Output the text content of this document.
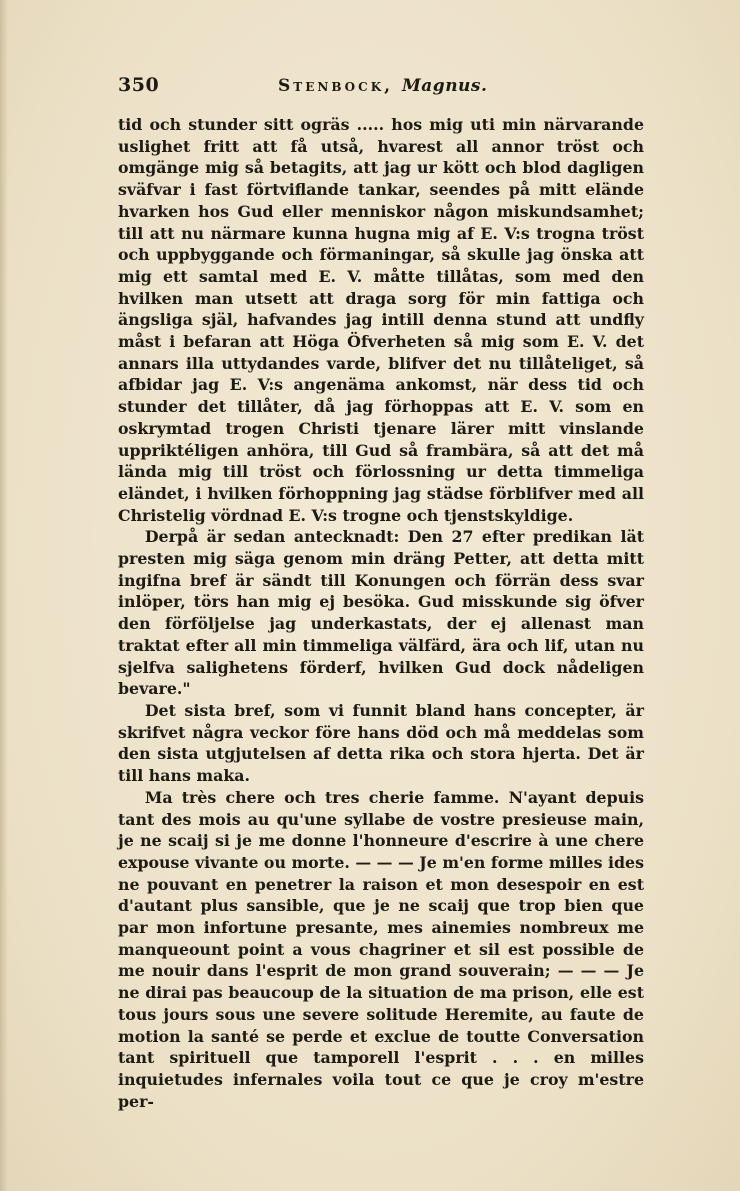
350	Stenbock, Magnus.

tid och stunder sitt ogräs ..... hos mig uti min närvarande uslighet fritt att få utså, hvarest all annor tröst och omgänge mig så betagits, att jag ur kött och blod dagligen sväfvar i fast förtviflande tankar, seendes på mitt elände hvarken hos Gud eller menniskor någon miskundsamhet; till att nu närmare kunna hugna mig af E. V:s trogna tröst och uppbyggande och förmaningar, så skulle jag önska att mig ett samtal med E. V. måtte tillåtas, som med den hvilken man utsett att draga sorg för min fattiga och ängsliga själ, hafvandes jag intill denna stund att undfly måst i befaran att Höga Öfverheten så mig som E. V. det annars illa uttydandes varde, blifver det nu tillåteliget, så afbidar jag E. V:s angenäma ankomst, när dess tid och stunder det tillåter, då jag förhoppas att E. V. som en oskrymtad trogen Christi tjenare lärer mitt vinslande uppriktéligen anhöra, till Gud så frambära, så att det må lända mig till tröst och förlossning ur detta timmeliga eländet, i hvilken förhoppning jag städse förblifver med all Christelig vördnad E. V:s trogne och tjenstskyldige.

Derpå är sedan antecknadt: Den 27 efter predikan lät presten mig säga genom min dräng Petter, att detta mitt ingifna bref är sändt till Konungen och förrän dess svar inlöper, törs han mig ej besöka. Gud misskunde sig öfver den förföljelse jag underkastats, der ej allenast man traktat efter all min timmeliga välfärd, ära och lif, utan nu sjelfva salighetens förderf, hvilken Gud dock nådeligen bevare."

Det sista bref, som vi funnit bland hans concepter, är skrifvet några veckor före hans död och må meddelas som den sista utgjutelsen af detta rika och stora hjerta. Det är till hans maka.

Ma très chere och tres cherie famme. N'ayant depuis tant des mois au qu'une syllabe de vostre presieuse main, je ne scaij si je me donne l'honneure d'escrire à une chere expouse vivante ou morte. — — — Je m'en forme milles ides ne pouvant en penetrer la raison et mon desespoir en est d'autant plus sansible, que je ne scaij que trop bien que par mon infortune presante, mes ainemies nombreux me manqueount point a vous chagriner et sil est possible de me nouir dans l'esprit de mon grand souverain; — — — Je ne dirai pas beaucoup de la situation de ma prison, elle est tous jours sous une severe solitude Heremite, au faute de motion la santé se perde et exclue de toutte Conversation tant spirituell que tamporell l'esprit . . . en milles inquietudes infernales voila tout ce que je croy m'estre per-
